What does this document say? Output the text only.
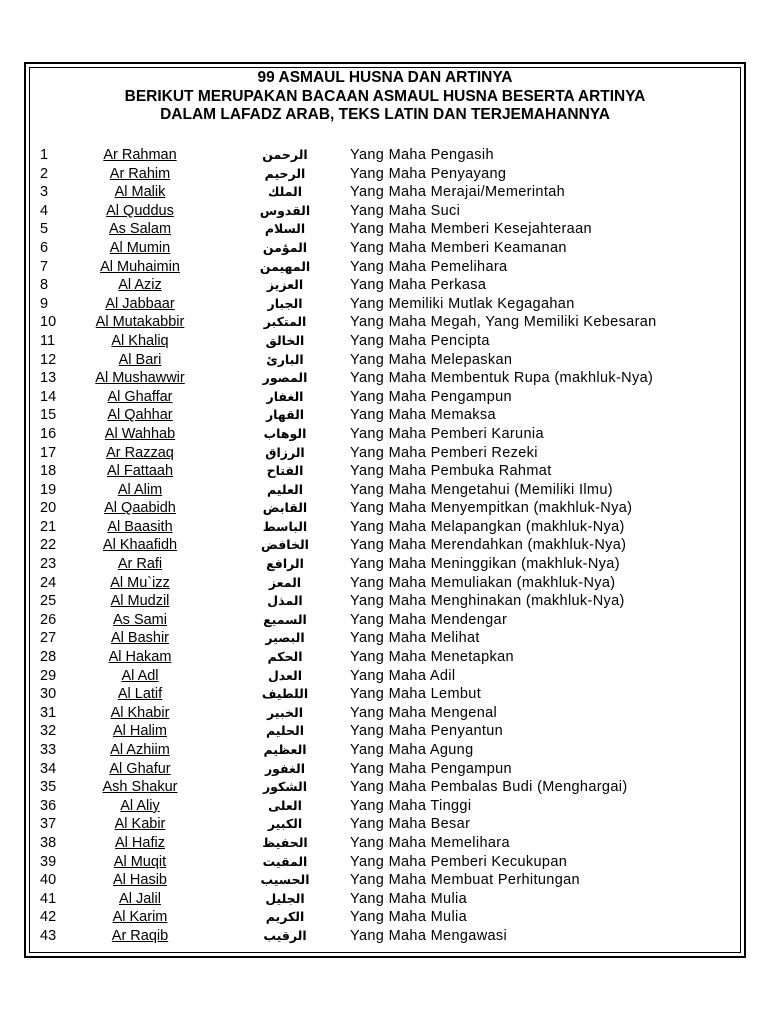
99 ASMAUL HUSNA DAN ARTINYA
BERIKUT MERUPAKAN BACAAN ASMAUL HUSNA BESERTA ARTINYA
DALAM LAFADZ ARAB, TEKS LATIN DAN TERJEMAHANNYA
1	Ar Rahman	الرحمن	Yang Maha Pengasih
2	Ar Rahim	الرحيم	Yang Maha Penyayang
3	Al Malik	الملك	Yang Maha Merajai/Memerintah
4	Al Quddus	القدوس	Yang Maha Suci
5	As Salam	السلام	Yang Maha Memberi Kesejahteraan
6	Al Mumin	المؤمن	Yang Maha Memberi Keamanan
7	Al Muhaimin	المهيمن	Yang Maha Pemelihara
8	Al Aziz	العزيز	Yang Maha Perkasa
9	Al Jabbaar	الجبار	Yang Memiliki Mutlak Kegagahan
10	Al Mutakabbir	المتكبر	Yang Maha Megah, Yang Memiliki Kebesaran
11	Al Khaliq	الخالق	Yang Maha Pencipta
12	Al Bari	البارئ	Yang Maha Melepaskan
13	Al Mushawwir	المصور	Yang Maha Membentuk Rupa (makhluk-Nya)
14	Al Ghaffar	الغفار	Yang Maha Pengampun
15	Al Qahhar	القهار	Yang Maha Memaksa
16	Al Wahhab	الوهاب	Yang Maha Pemberi Karunia
17	Ar Razzaq	الرزاق	Yang Maha Pemberi Rezeki
18	Al Fattaah	الفتاح	Yang Maha Pembuka Rahmat
19	Al Alim	العليم	Yang Maha Mengetahui (Memiliki Ilmu)
20	Al Qaabidh	القابض	Yang Maha Menyempitkan (makhluk-Nya)
21	Al Baasith	الباسط	Yang Maha Melapangkan (makhluk-Nya)
22	Al Khaafidh	الخافض	Yang Maha Merendahkan (makhluk-Nya)
23	Ar Rafi	الرافع	Yang Maha Meninggikan (makhluk-Nya)
24	Al Mu`izz	المعز	Yang Maha Memuliakan (makhluk-Nya)
25	Al Mudzil	المذل	Yang Maha Menghinakan (makhluk-Nya)
26	As Sami	السميع	Yang Maha Mendengar
27	Al Bashir	البصير	Yang Maha Melihat
28	Al Hakam	الحكم	Yang Maha Menetapkan
29	Al Adl	العدل	Yang Maha Adil
30	Al Latif	اللطيف	Yang Maha Lembut
31	Al Khabir	الخبير	Yang Maha Mengenal
32	Al Halim	الحليم	Yang Maha Penyantun
33	Al Azhiim	العظيم	Yang Maha Agung
34	Al Ghafur	الغفور	Yang Maha Pengampun
35	Ash Shakur	الشكور	Yang Maha Pembalas Budi (Menghargai)
36	Al Aliy	العلى	Yang Maha Tinggi
37	Al Kabir	الكبير	Yang Maha Besar
38	Al Hafiz	الحفيظ	Yang Maha Memelihara
39	Al Muqit	المقيت	Yang Maha Pemberi Kecukupan
40	Al Hasib	الحسيب	Yang Maha Membuat Perhitungan
41	Al Jalil	الجليل	Yang Maha Mulia
42	Al Karim	الكريم	Yang Maha Mulia
43	Ar Raqib	الرقيب	Yang Maha Mengawasi
